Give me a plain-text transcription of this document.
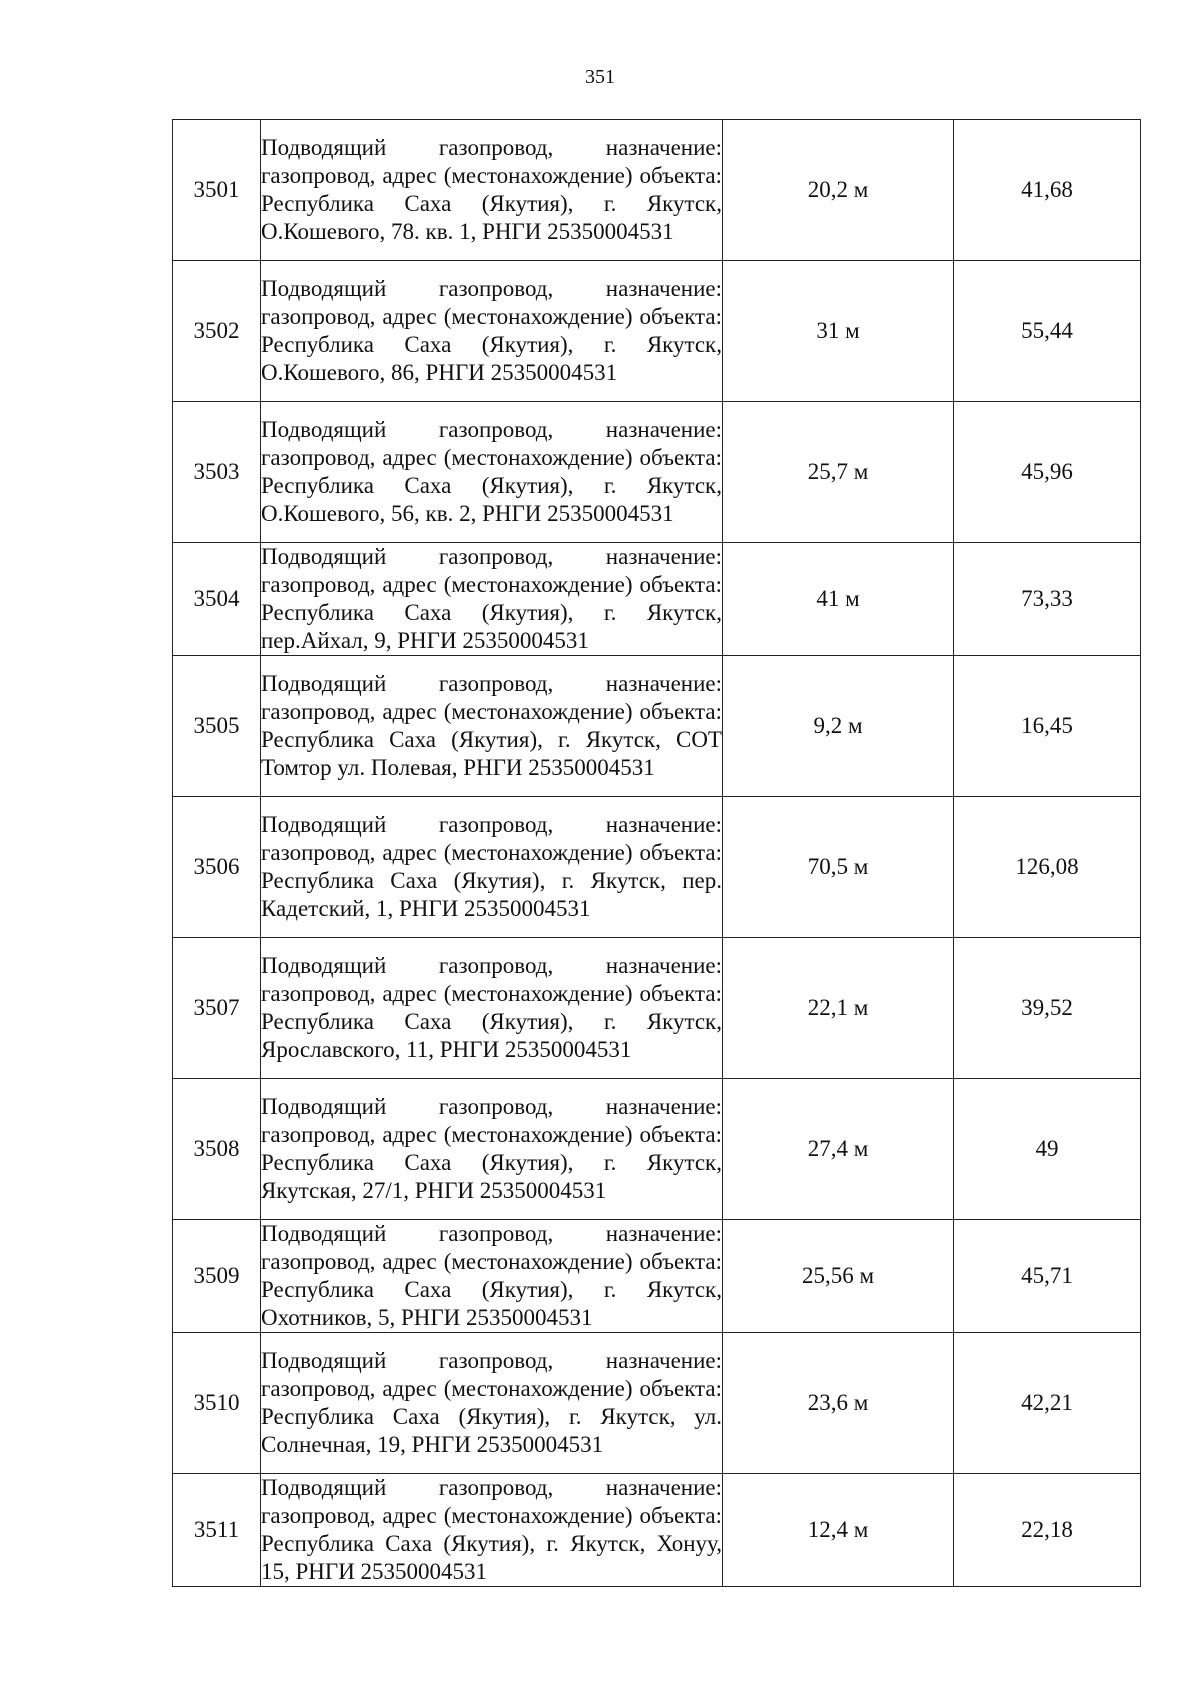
351
3501	Подводящий газопровод, назначение: газопровод, адрес (местонахождение) объекта: Республика Саха (Якутия), г. Якутск, О.Кошевого, 78. кв. 1, РНГИ 25350004531	20,2 м	41,68
3502	Подводящий газопровод, назначение: газопровод, адрес (местонахождение) объекта: Республика Саха (Якутия), г. Якутск, О.Кошевого, 86, РНГИ 25350004531	31 м	55,44
3503	Подводящий газопровод, назначение: газопровод, адрес (местонахождение) объекта: Республика Саха (Якутия), г. Якутск, О.Кошевого, 56, кв. 2, РНГИ 25350004531	25,7 м	45,96
3504	Подводящий газопровод, назначение: газопровод, адрес (местонахождение) объекта: Республика Саха (Якутия), г. Якутск, пер.Айхал, 9, РНГИ 25350004531	41 м	73,33
3505	Подводящий газопровод, назначение: газопровод, адрес (местонахождение) объекта: Республика Саха (Якутия), г. Якутск, СОТ Томтор ул. Полевая, РНГИ 25350004531	9,2 м	16,45
3506	Подводящий газопровод, назначение: газопровод, адрес (местонахождение) объекта: Республика Саха (Якутия), г. Якутск, пер. Кадетский, 1, РНГИ 25350004531	70,5 м	126,08
3507	Подводящий газопровод, назначение: газопровод, адрес (местонахождение) объекта: Республика Саха (Якутия), г. Якутск, Ярославского, 11, РНГИ 25350004531	22,1 м	39,52
3508	Подводящий газопровод, назначение: газопровод, адрес (местонахождение) объекта: Республика Саха (Якутия), г. Якутск, Якутская, 27/1, РНГИ 25350004531	27,4 м	49
3509	Подводящий газопровод, назначение: газопровод, адрес (местонахождение) объекта: Республика Саха (Якутия), г. Якутск, Охотников, 5, РНГИ 25350004531	25,56 м	45,71
3510	Подводящий газопровод, назначение: газопровод, адрес (местонахождение) объекта: Республика Саха (Якутия), г. Якутск, ул. Солнечная, 19, РНГИ 25350004531	23,6 м	42,21
3511	Подводящий газопровод, назначение: газопровод, адрес (местонахождение) объекта: Республика Саха (Якутия), г. Якутск, Хонуу, 15, РНГИ 25350004531	12,4 м	22,18
